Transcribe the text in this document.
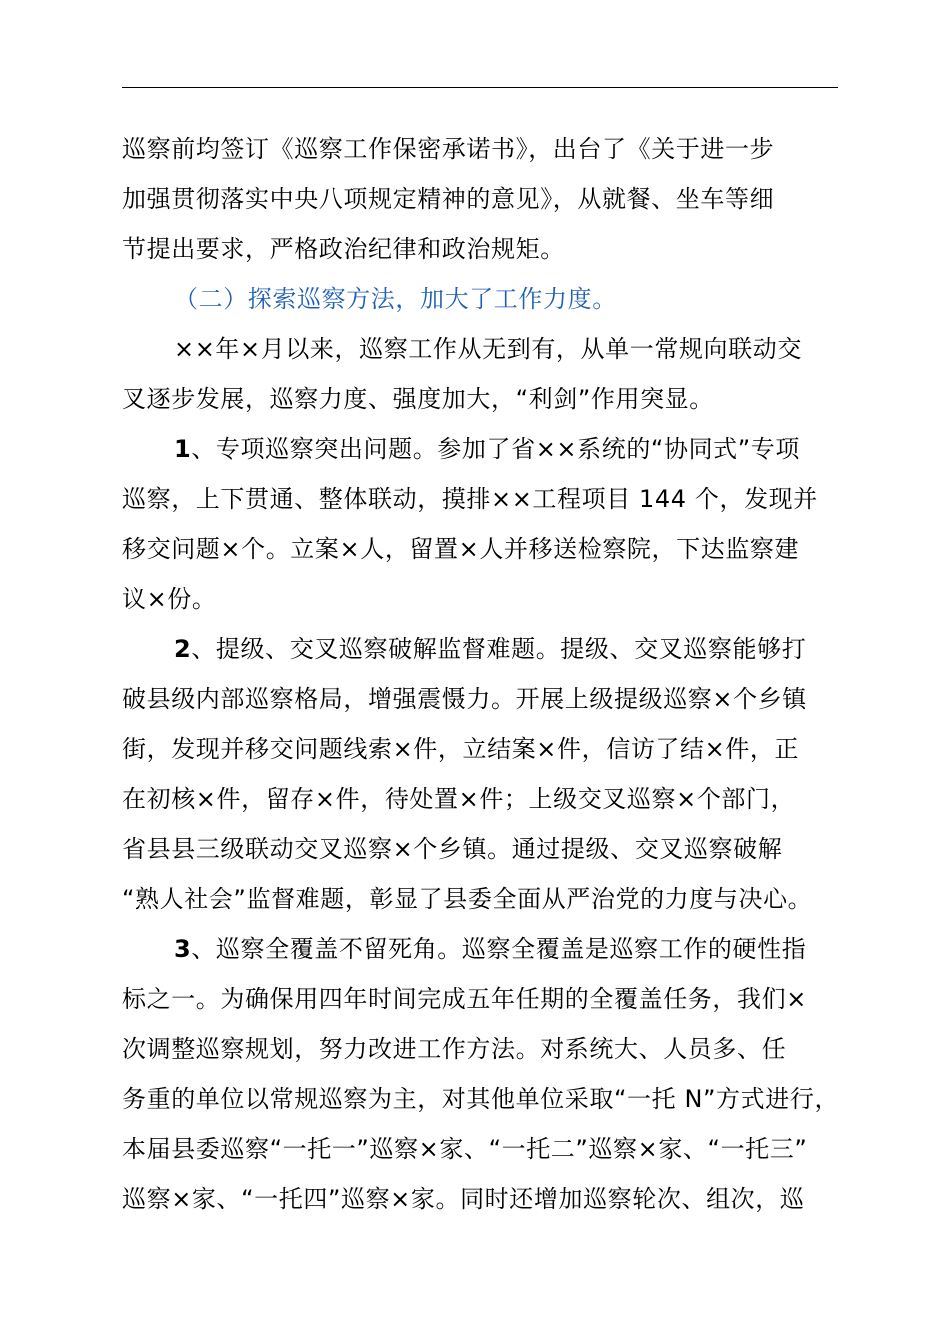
巡察前均签订《巡察工作保密承诺书》，出台了《关于进一步
加强贯彻落实中央八项规定精神的意见》，从就餐、坐车等细
节提出要求，严格政治纪律和政治规矩。
（二）探索巡察方法，加大了工作力度。
××年×月以来，巡察工作从无到有，从单一常规向联动交
叉逐步发展，巡察力度、强度加大，“利剑”作用突显。
1、专项巡察突出问题。参加了省××系统的“协同式”专项
巡察，上下贯通、整体联动，摸排××工程项目 144 个，发现并
移交问题×个。立案×人，留置×人并移送检察院，下达监察建
议×份。
2、提级、交叉巡察破解监督难题。提级、交叉巡察能够打
破县级内部巡察格局，增强震慑力。开展上级提级巡察×个乡镇
街，发现并移交问题线索×件，立结案×件，信访了结×件，正
在初核×件，留存×件，待处置×件；上级交叉巡察×个部门，
省县县三级联动交叉巡察×个乡镇。通过提级、交叉巡察破解
“熟人社会”监督难题，彰显了县委全面从严治党的力度与决心。
3、巡察全覆盖不留死角。巡察全覆盖是巡察工作的硬性指
标之一。为确保用四年时间完成五年任期的全覆盖任务，我们×
次调整巡察规划，努力改进工作方法。对系统大、人员多、任
务重的单位以常规巡察为主，对其他单位采取“一托 N”方式进行，
本届县委巡察“一托一”巡察×家、“一托二”巡察×家、“一托三”
巡察×家、“一托四”巡察×家。同时还增加巡察轮次、组次，巡
